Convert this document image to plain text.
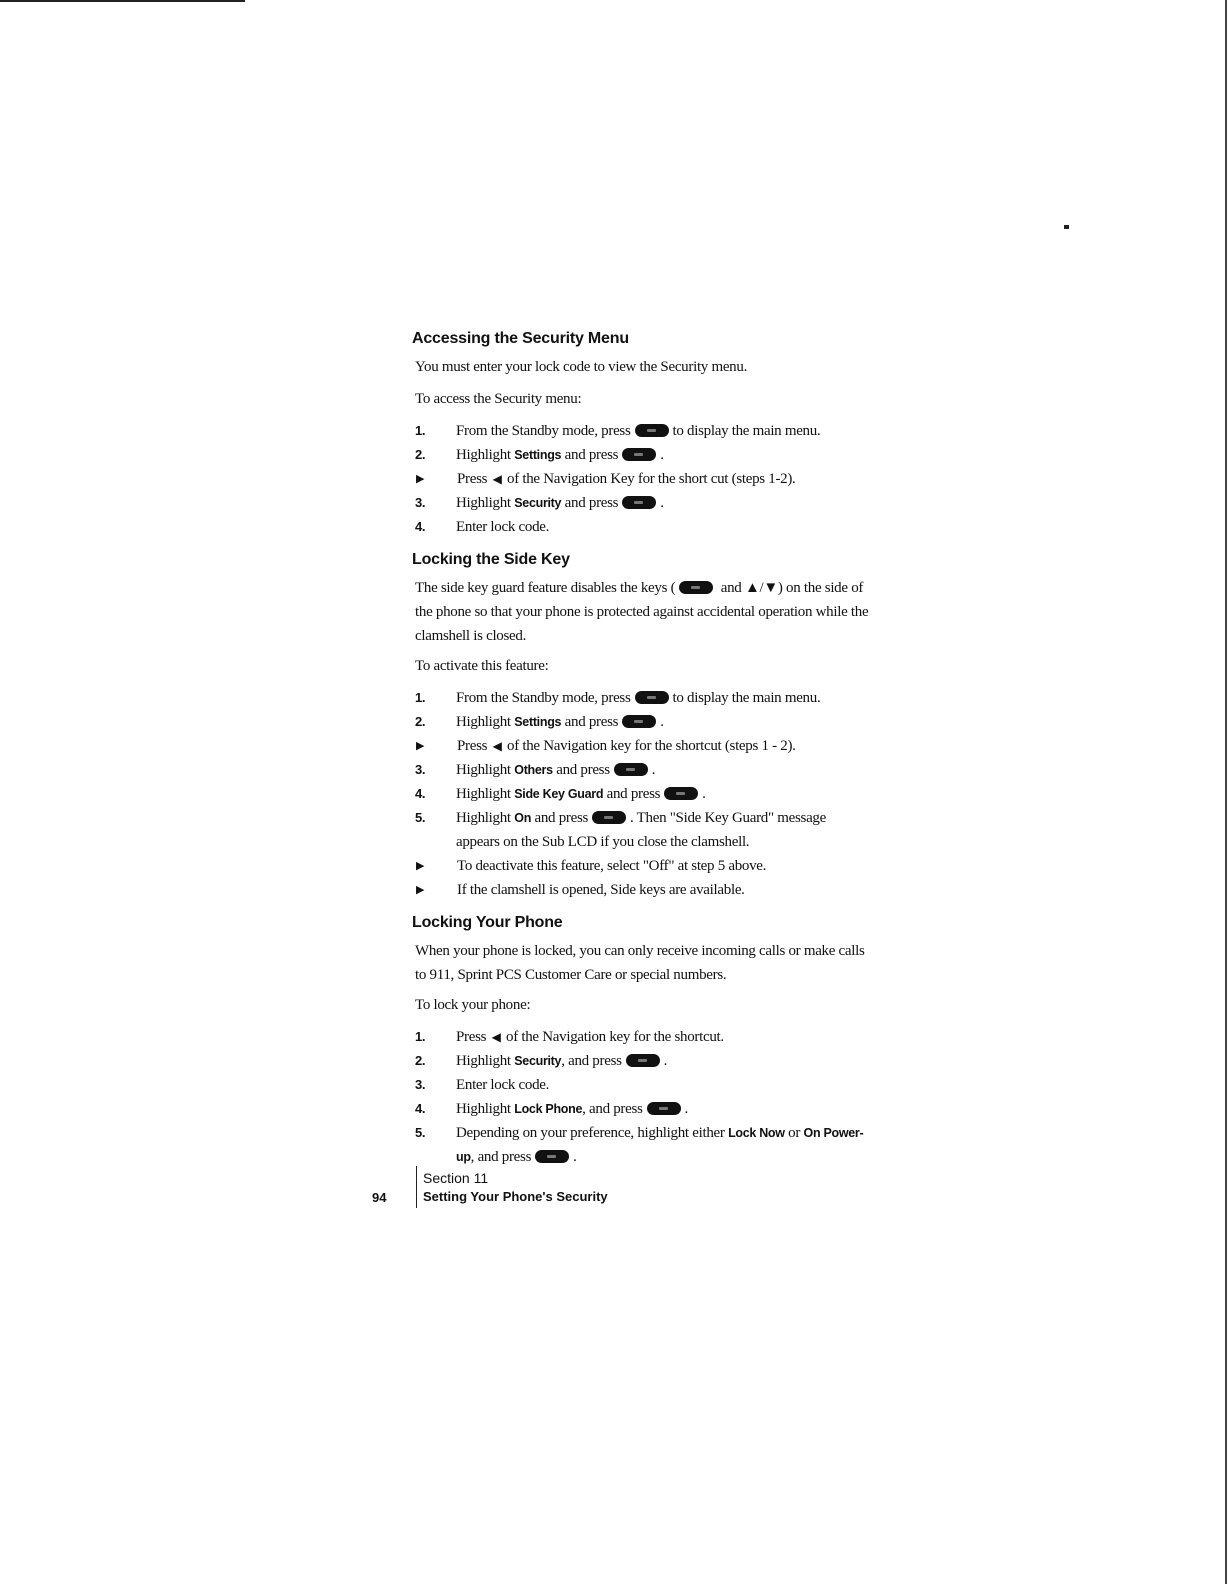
Accessing the Security Menu

You must enter your lock code to view the Security menu.

To access the Security menu:

1.	From the Standby mode, press	to display the main menu.
2.	Highlight Settings and press	.
▶	Press ◀ of the Navigation Key for the short cut (steps 1-2).
3.	Highlight Security and press	.
4.	Enter lock code.
Locking the Side Key

The side key guard feature disables the keys (	and ▲/▼) on the side of the phone so that your phone is protected against accidental operation while the clamshell is closed.

To activate this feature:

1.	From the Standby mode, press	to display the main menu.
2.	Highlight Settings and press	.
▶	Press ◀ of the Navigation key for the shortcut (steps 1 - 2).
3.	Highlight Others and press	.
4.	Highlight Side Key Guard and press	.
5.	Highlight On and press	. Then "Side Key Guard" message appears on the Sub LCD if you close the clamshell.
▶	To deactivate this feature, select "Off" at step 5 above.
▶	If the clamshell is opened, Side keys are available.
Locking Your Phone

When your phone is locked, you can only receive incoming calls or make calls to 911, Sprint PCS Customer Care or special numbers.

To lock your phone:

1.	Press ◀ of the Navigation key for the shortcut.
2.	Highlight Security, and press	.
3.	Enter lock code.
4.	Highlight Lock Phone, and press	.
5.	Depending on your preference, highlight either Lock Now or On Power-up, and press	.
94
Section 11
Setting Your Phone's Security
